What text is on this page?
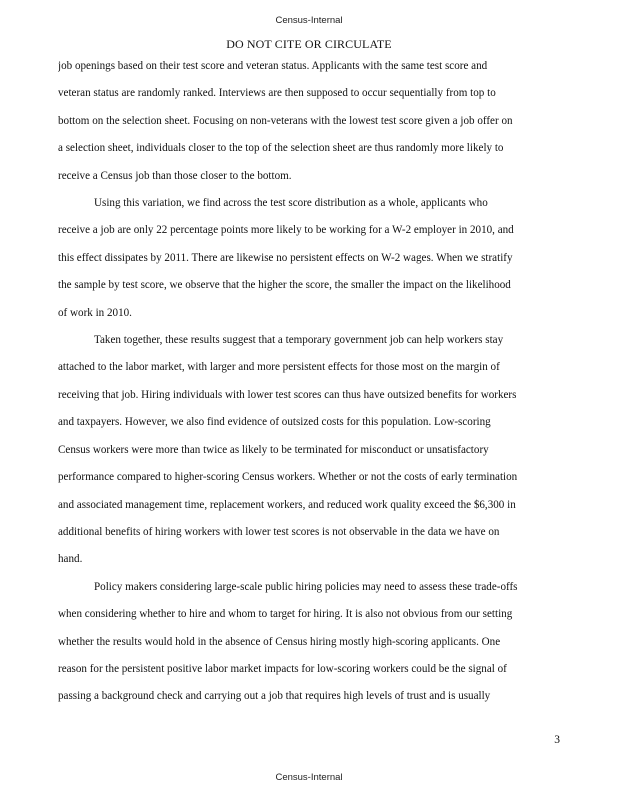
Census-Internal
DO NOT CITE OR CIRCULATE
job openings based on their test score and veteran status. Applicants with the same test score and
veteran status are randomly ranked. Interviews are then supposed to occur sequentially from top to
bottom on the selection sheet. Focusing on non-veterans with the lowest test score given a job offer on
a selection sheet, individuals closer to the top of the selection sheet are thus randomly more likely to
receive a Census job than those closer to the bottom.
Using this variation, we find across the test score distribution as a whole, applicants who
receive a job are only 22 percentage points more likely to be working for a W-2 employer in 2010, and
this effect dissipates by 2011. There are likewise no persistent effects on W-2 wages. When we stratify
the sample by test score, we observe that the higher the score, the smaller the impact on the likelihood
of work in 2010.
Taken together, these results suggest that a temporary government job can help workers stay
attached to the labor market, with larger and more persistent effects for those most on the margin of
receiving that job. Hiring individuals with lower test scores can thus have outsized benefits for workers
and taxpayers. However, we also find evidence of outsized costs for this population. Low-scoring
Census workers were more than twice as likely to be terminated for misconduct or unsatisfactory
performance compared to higher-scoring Census workers. Whether or not the costs of early termination
and associated management time, replacement workers, and reduced work quality exceed the $6,300 in
additional benefits of hiring workers with lower test scores is not observable in the data we have on
hand.
Policy makers considering large-scale public hiring policies may need to assess these trade-offs
when considering whether to hire and whom to target for hiring. It is also not obvious from our setting
whether the results would hold in the absence of Census hiring mostly high-scoring applicants. One
reason for the persistent positive labor market impacts for low-scoring workers could be the signal of
passing a background check and carrying out a job that requires high levels of trust and is usually
3
Census-Internal
